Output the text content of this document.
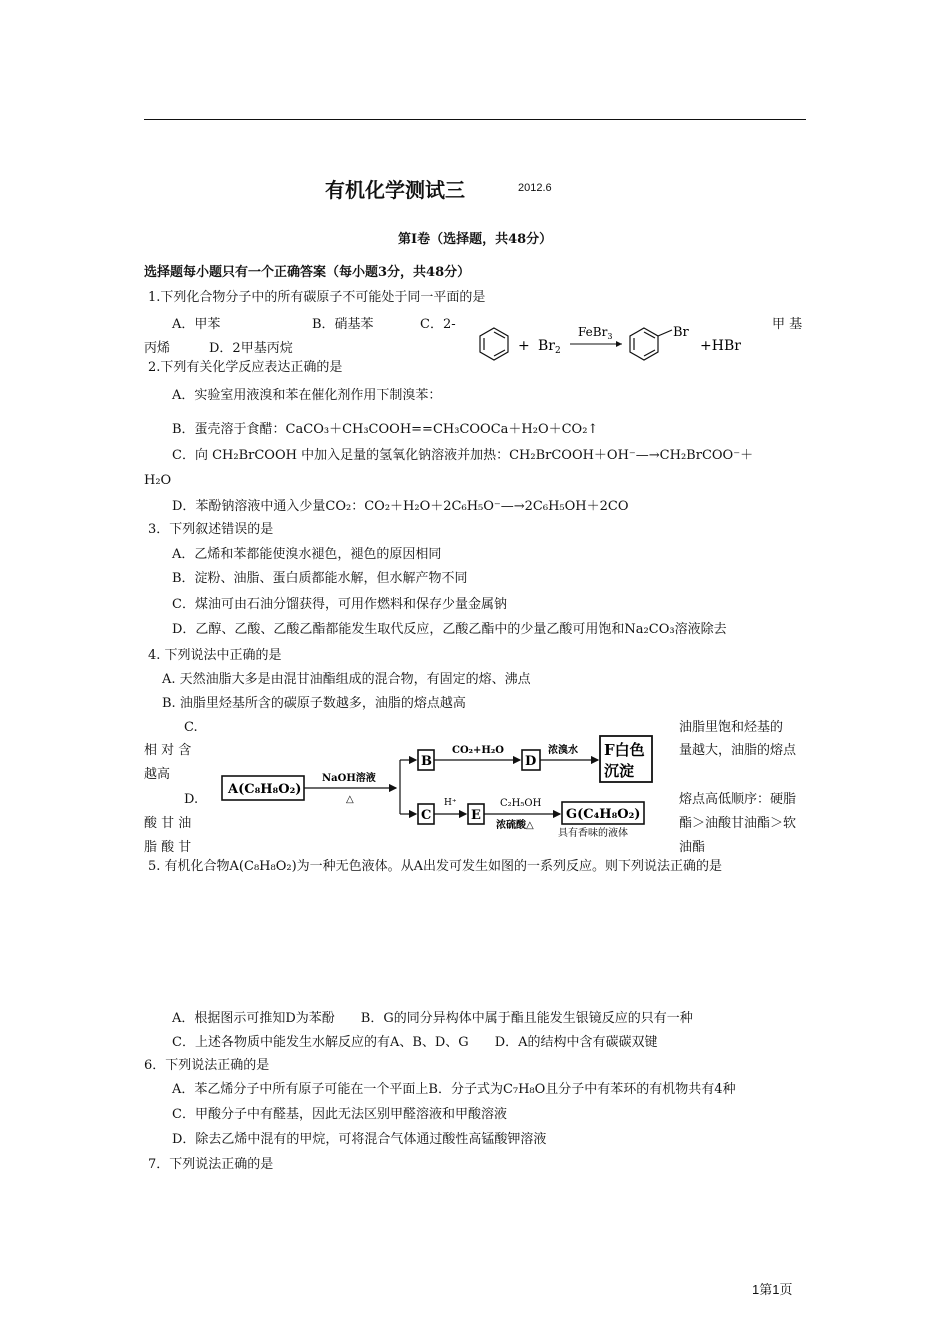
有机化学测试三	2012.6
第Ⅰ卷（选择题，共48分）
选择题每小题只有一个正确答案（每小题3分，共48分）
1.下列化合物分子中的所有碳原子不可能处于同一平面的是
A．甲苯	B．硝基苯	C．2-	甲 基
丙烯　　　D．2甲基丙烷	+ $Br_2$
FeBr$_3$	Br
+HBr
2.下列有关化学反应表达正确的是
A．实验室用液溴和苯在催化剂作用下制溴苯：
B．蛋壳溶于食醋：CaCO₃＋CH₃COOH==CH₃COOCa＋H₂O＋CO₂↑
C．向 CH₂BrCOOH 中加入足量的氢氧化钠溶液并加热：CH₂BrCOOH＋OH⁻—→CH₂BrCOO⁻＋
H₂O
D．苯酚钠溶液中通入少量CO₂：CO₂＋H₂O＋2C₆H₅O⁻—→2C₆H₅OH＋2CO
3．下列叙述错误的是
A．乙烯和苯都能使溴水褪色，褪色的原因相同
B．淀粉、油脂、蛋白质都能水解，但水解产物不同
C．煤油可由石油分馏获得，可用作燃料和保存少量金属钠
D．乙醇、乙酸、乙酸乙酯都能发生取代反应，乙酸乙酯中的少量乙酸可用饱和Na₂CO₃溶液除去
4. 下列说法中正确的是
A. 天然油脂大多是由混甘油酯组成的混合物，有固定的熔、沸点
B. 油脂里烃基所含的碳原子数越多，油脂的熔点越高
C.
相 对 含
越高
油脂里饱和烃基的
量越大，油脂的熔点
D.
酸 甘 油
脂 酸 甘
熔点高低顺序：硬脂
酯＞油酸甘油酯＞软
油酯
A(C₈H₈O₂)
NaOH溶液
△
B
CO₂+H₂O
D
浓溴水 F白色
沉淀
C
H⁺
E
C₂H₅OH
浓硫酸△
G(C₄H₈O₂)
具有香味的液体
5. 有机化合物A(C₈H₈O₂)为一种无色液体。从A出发可发生如图的一系列反应。则下列说法正确的是
A．根据图示可推知D为苯酚　　B．G的同分异构体中属于酯且能发生银镜反应的只有一种
C．上述各物质中能发生水解反应的有A、B、D、G　　D．A的结构中含有碳碳双键
6．下列说法正确的是
A．苯乙烯分子中所有原子可能在一个平面上B．分子式为C₇H₈O且分子中有苯环的有机物共有4种
C．甲酸分子中有醛基，因此无法区别甲醛溶液和甲酸溶液
D．除去乙烯中混有的甲烷，可将混合气体通过酸性高锰酸钾溶液
7．下列说法正确的是
1第1页
